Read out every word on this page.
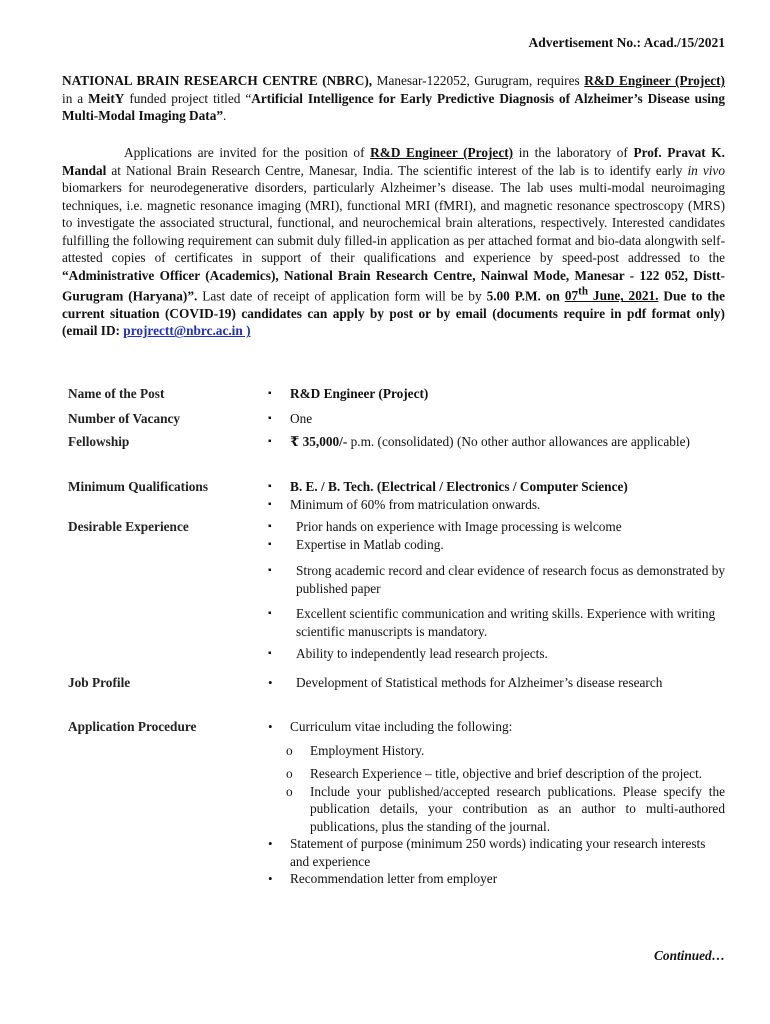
Advertisement No.: Acad./15/2021
NATIONAL BRAIN RESEARCH CENTRE (NBRC), Manesar-122052, Gurugram, requires R&D Engineer (Project) in a MeitY funded project titled “Artificial Intelligence for Early Predictive Diagnosis of Alzheimer’s Disease using Multi-Modal Imaging Data”.
Applications are invited for the position of R&D Engineer (Project) in the laboratory of Prof. Pravat K. Mandal at National Brain Research Centre, Manesar, India. The scientific interest of the lab is to identify early in vivo biomarkers for neurodegenerative disorders, particularly Alzheimer’s disease. The lab uses multi-modal neuroimaging techniques, i.e. magnetic resonance imaging (MRI), functional MRI (fMRI), and magnetic resonance spectroscopy (MRS) to investigate the associated structural, functional, and neurochemical brain alterations, respectively. Interested candidates fulfilling the following requirement can submit duly filled-in application as per attached format and bio-data alongwith self-attested copies of certificates in support of their qualifications and experience by speed-post addressed to the “Administrative Officer (Academics), National Brain Research Centre, Nainwal Mode, Manesar - 122 052, Distt- Gurugram (Haryana)”. Last date of receipt of application form will be by 5.00 P.M. on 07th June, 2021. Due to the current situation (COVID-19) candidates can apply by post or by email (documents require in pdf format only) (email ID: projrectt@nbrc.ac.in )
Name of the Post	▪	R&D Engineer (Project)
Number of Vacancy	▪	One
Fellowship	▪	₹ 35,000/- p.m. (consolidated) (No other author allowances are applicable)
Minimum Qualifications	▪	B. E. / B. Tech. (Electrical / Electronics / Computer Science)
▪	Minimum of 60% from matriculation onwards.
Desirable Experience	▪	Prior hands on experience with Image processing is welcome
▪	Expertise in Matlab coding.
▪	Strong academic record and clear evidence of research focus as demonstrated by published paper
▪	Excellent scientific communication and writing skills. Experience with writing scientific manuscripts is mandatory.
▪	Ability to independently lead research projects.
Job Profile	•	Development of Statistical methods for Alzheimer’s disease research
Application Procedure	•	Curriculum vitae including the following:
o Employment History.
o Research Experience – title, objective and brief description of the project.
o Include your published/accepted research publications. Please specify the publication details, your contribution as an author to multi-authored publications, plus the standing of the journal.
•	Statement of purpose (minimum 250 words) indicating your research interests and experience
•	Recommendation letter from employer
Continued…
